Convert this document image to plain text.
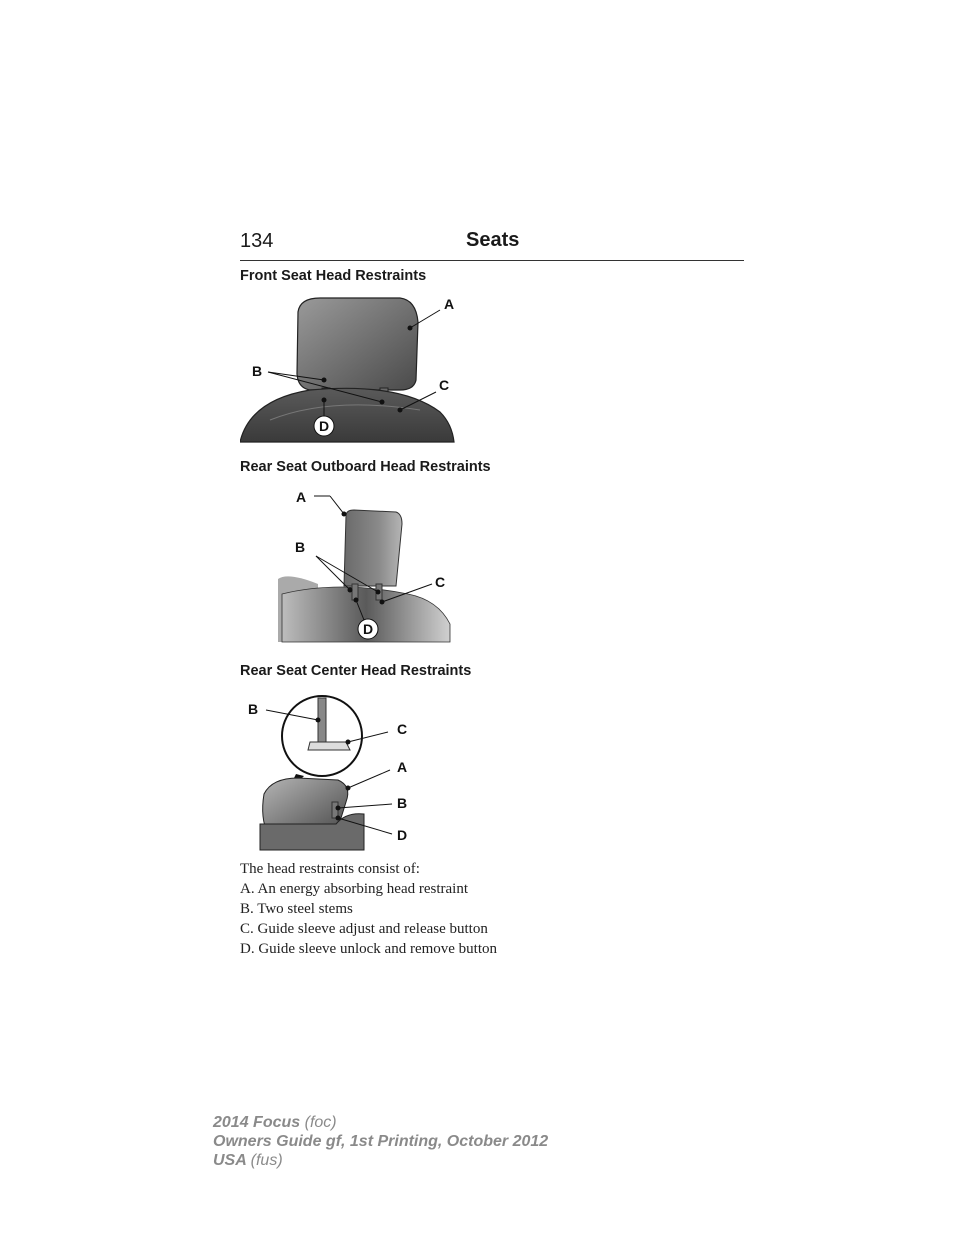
134	Seats
Front Seat Head Restraints
A
B
C
D
Rear Seat Outboard Head Restraints
A
B
C
D
Rear Seat Center Head Restraints
B
C
A
B
D

The head restraints consist of:

A. An energy absorbing head restraint

B. Two steel stems

C. Guide sleeve adjust and release button

D. Guide sleeve unlock and remove button

2014 Focus (foc)
Owners Guide gf, 1st Printing, October 2012
USA (fus)
